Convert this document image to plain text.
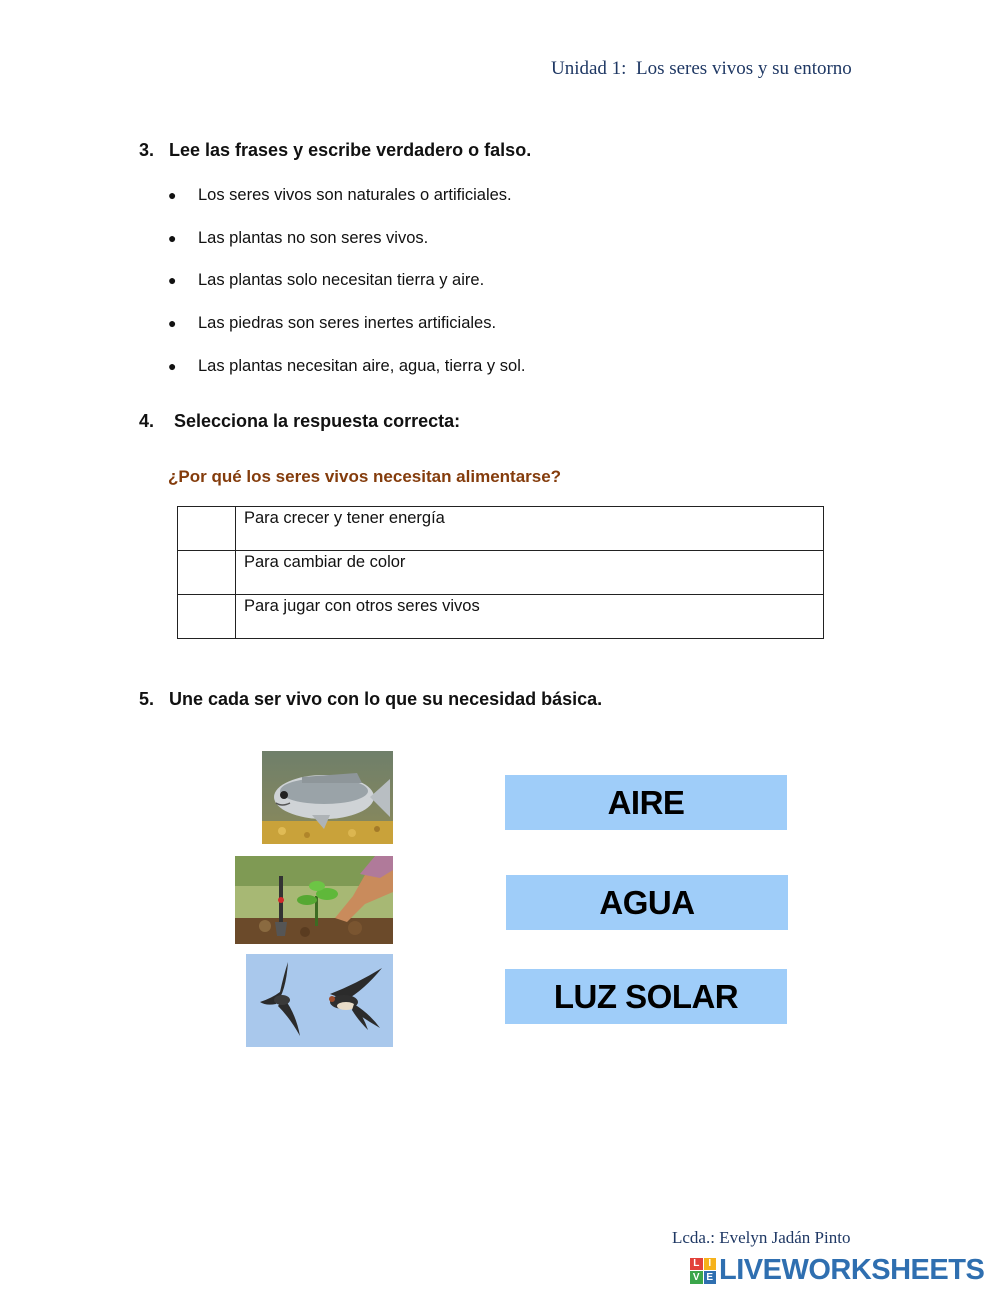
Unidad 1:  Los seres vivos y su entorno
3. Lee las frases y escribe verdadero o falso.
●	Los seres vivos son naturales o artificiales.
●	Las plantas no son seres vivos.
●	Las plantas solo necesitan tierra y aire.
●	Las piedras son seres inertes artificiales.
●	Las plantas necesitan aire, agua, tierra y sol.
4. Selecciona la respuesta correcta:
¿Por qué los seres vivos necesitan alimentarse?
	Para crecer y tener energía
	Para cambiar de color
	Para jugar con otros seres vivos
5. Une cada ser vivo con lo que su necesidad básica.
AIRE
AGUA
LUZ SOLAR
Lcda.: Evelyn Jadán Pinto
L I
V E LIVEWORKSHEETS
